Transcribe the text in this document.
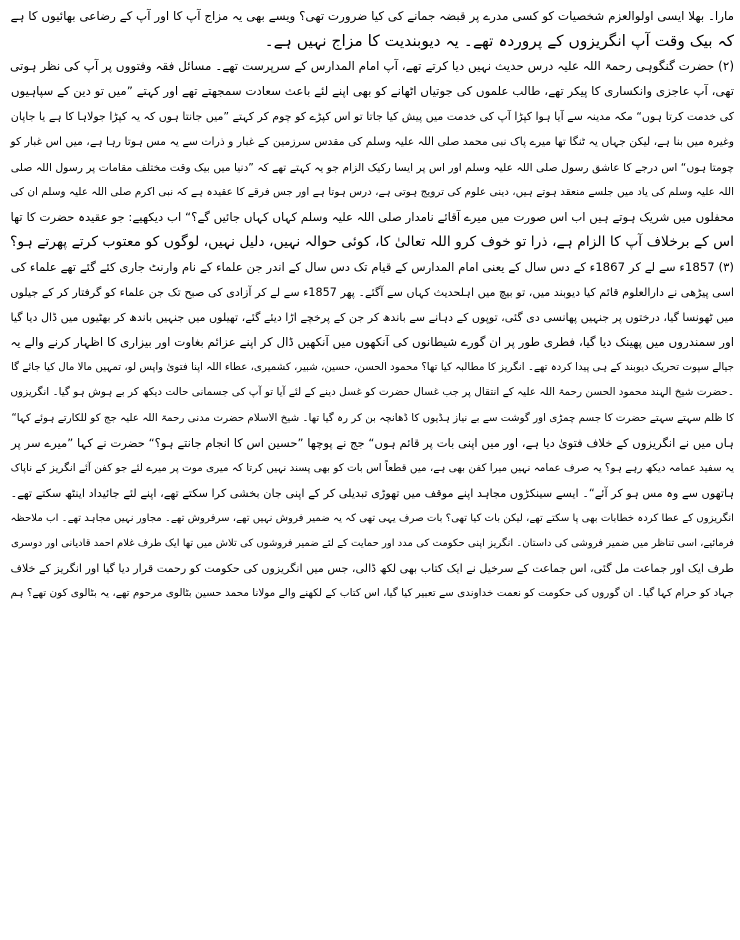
مارا۔ بھلا ایسی اولوالعزم شخصیات کو کسی مدرے پر قبضہ جمانے کی کیا ضرورت تھی؟ ویسے بھی یہ مزاج آپ کا اور آپ کے رضاعی بھائیوں کا ہے
کہ بیک وقت آپ انگریزوں کے پروردہ تھے۔ یہ دیوبندیت کا مزاج نہیں ہے۔
(۲) حضرت گنگوہی رحمۃ اللہ علیہ درس حدیث نہیں دیا کرتے تھے، آپ امام المدارس کے سرپرست تھے۔ مسائل فقہ وفتووں پر آپ کی نظر ہوتی
تھی، آپ عاجزی وانکساری کا پیکر تھے، طالب علموں کی جوتیاں اٹھانے کو بھی اپنے لئے باعث سعادت سمجھتے تھے اور کہتے ”میں تو دین کے سپاہیوں
کی خدمت کرتا ہوں“ مکہ مدینہ سے آیا ہوا کپڑا آپ کی خدمت میں پیش کیا جاتا تو اس کپڑے کو چوم کر کہتے ”میں جانتا ہوں کہ یہ کپڑا جولاہا کا ہے یا جاپان
وغیرہ میں بنا ہے، لیکن جہاں یہ ٹنگا تھا میرے پاک نبی محمد صلی اللہ علیہ وسلم کی مقدس سرزمین کے غبار و ذرات سے یہ مس ہوتا رہا ہے، میں اس غبار کو
چومتا ہوں“ اس درجے کا عاشق رسول صلی اللہ علیہ وسلم اور اس پر ایسا رکیک الزام جو یہ کہتے تھے کہ ”دنیا میں بیک وقت مختلف مقامات پر رسول اللہ صلی
اللہ علیہ وسلم کی یاد میں جلسے منعقد ہوتے ہیں، دینی علوم کی ترویج ہوتی ہے، درس ہوتا ہے اور جس فرقے کا عقیدہ ہے کہ نبی اکرم صلی اللہ علیہ وسلم ان کی
محفلوں میں شریک ہوتے ہیں اب اس صورت میں میرے آقائے نامدار صلی اللہ علیہ وسلم کہاں کہاں جائیں گے؟“ اب دیکھیے: جو عقیدہ حضرت کا تھا
اس کے برخلاف آپ کا الزام ہے، ذرا تو خوف کرو اللہ تعالیٰ کا، کوئی حوالہ نہیں، دلیل نہیں، لوگوں کو معتوب کرتے پھرتے ہو؟
(۳) 1857ء سے لے کر 1867ء کے دس سال کے یعنی امام المدارس کے قیام تک دس سال کے اندر جن علماء کے نام وارنٹ جاری کئے گئے تھے علماء کی
اسی پیڑھی نے دارالعلوم قائم کیا دیوبند میں، تو بیچ میں اہلحدیث کہاں سے آگئے۔ پھر 1857ء سے لے کر آزادی کی صبح تک جن علماء کو گرفتار کر کے جیلوں
میں ٹھونسا گیا، درختوں پر جنہیں پھانسی دی گئی، توپوں کے دہانے سے باندھ کر جن کے پرخچے اڑا دیئے گئے، تھیلوں میں جنہیں باندھ کر بھٹیوں میں ڈال دیا گیا
اور سمندروں میں پھینک دیا گیا، فطری طور پر ان گورے شیطانوں کی آنکھوں میں آنکھیں ڈال کر اپنے عزائم بغاوت اور بیزاری کا اظہار کرنے والے یہ
جیالے سپوت تحریک دیوبند کے ہی پیدا کردہ تھے۔ انگریز کا مطالبہ کیا تھا؟ محمود الحسن، حسین، شبیر، کشمیری، عطاء اللہ اپنا فتویٰ واپس لو، تمہیں مالا مال کیا جائے گا
۔حضرت شیخ الہند محمود الحسن رحمۃ اللہ علیہ کے انتقال پر جب غسال حضرت کو غسل دینے کے لئے آیا تو آپ کی جسمانی حالت دیکھ کر بے ہوش ہو گیا۔ انگریزوں
کا ظلم سہتے سہتے حضرت کا جسم چمڑی اور گوشت سے بے نیاز ہڈیوں کا ڈھانچہ بن کر رہ گیا تھا۔ شیخ الاسلام حضرت مدنی رحمۃ اللہ علیہ جج کو للکارتے ہوئے کہا“
ہاں میں نے انگریزوں کے خلاف فتویٰ دیا ہے، اور میں اپنی بات پر قائم ہوں“ جج نے پوچھا ”حسین اس کا انجام جانتے ہو؟“ حضرت نے کہا ”میرے سر پر
یہ سفید عمامہ دیکھ رہے ہو؟ یہ صرف عمامہ نہیں میرا کفن بھی ہے، میں قطعاً اس بات کو بھی پسند نہیں کرتا کہ میری موت پر میرے لئے جو کفن آئے انگریز کے ناپاک
ہاتھوں سے وہ مس ہو کر آئے“۔ ایسے سینکڑوں مجاہد اپنے موقف میں تھوڑی تبدیلی کر کے اپنی جان بخشی کرا سکتے تھے، اپنے لئے جائیداد اینٹھ سکتے تھے۔
انگریزوں کے عطا کردہ خطابات بھی پا سکتے تھے، لیکن بات کیا تھی؟ بات صرف یہی تھی کہ یہ ضمیر فروش نہیں تھے، سرفروش تھے۔ مجاور نہیں مجاہد تھے۔ اب ملاحظہ
فرمائیے، اسی تناظر میں ضمیر فروشی کی داستان۔ انگریز اپنی حکومت کی مدد اور حمایت کے لئے ضمیر فروشوں کی تلاش میں تھا ایک طرف غلام احمد قادیانی اور دوسری
طرف ایک اور جماعت مل گئی، اس جماعت کے سرخیل نے ایک کتاب بھی لکھ ڈالی، جس میں انگریزوں کی حکومت کو رحمت قرار دیا گیا اور انگریز کے خلاف
جہاد کو حرام کہا گیا۔ ان گوروں کی حکومت کو نعمت خداوندی سے تعبیر کیا گیا، اس کتاب کے لکھنے والے مولانا محمد حسین بٹالوی مرحوم تھے، یہ بٹالوی کون تھے؟ ہم
